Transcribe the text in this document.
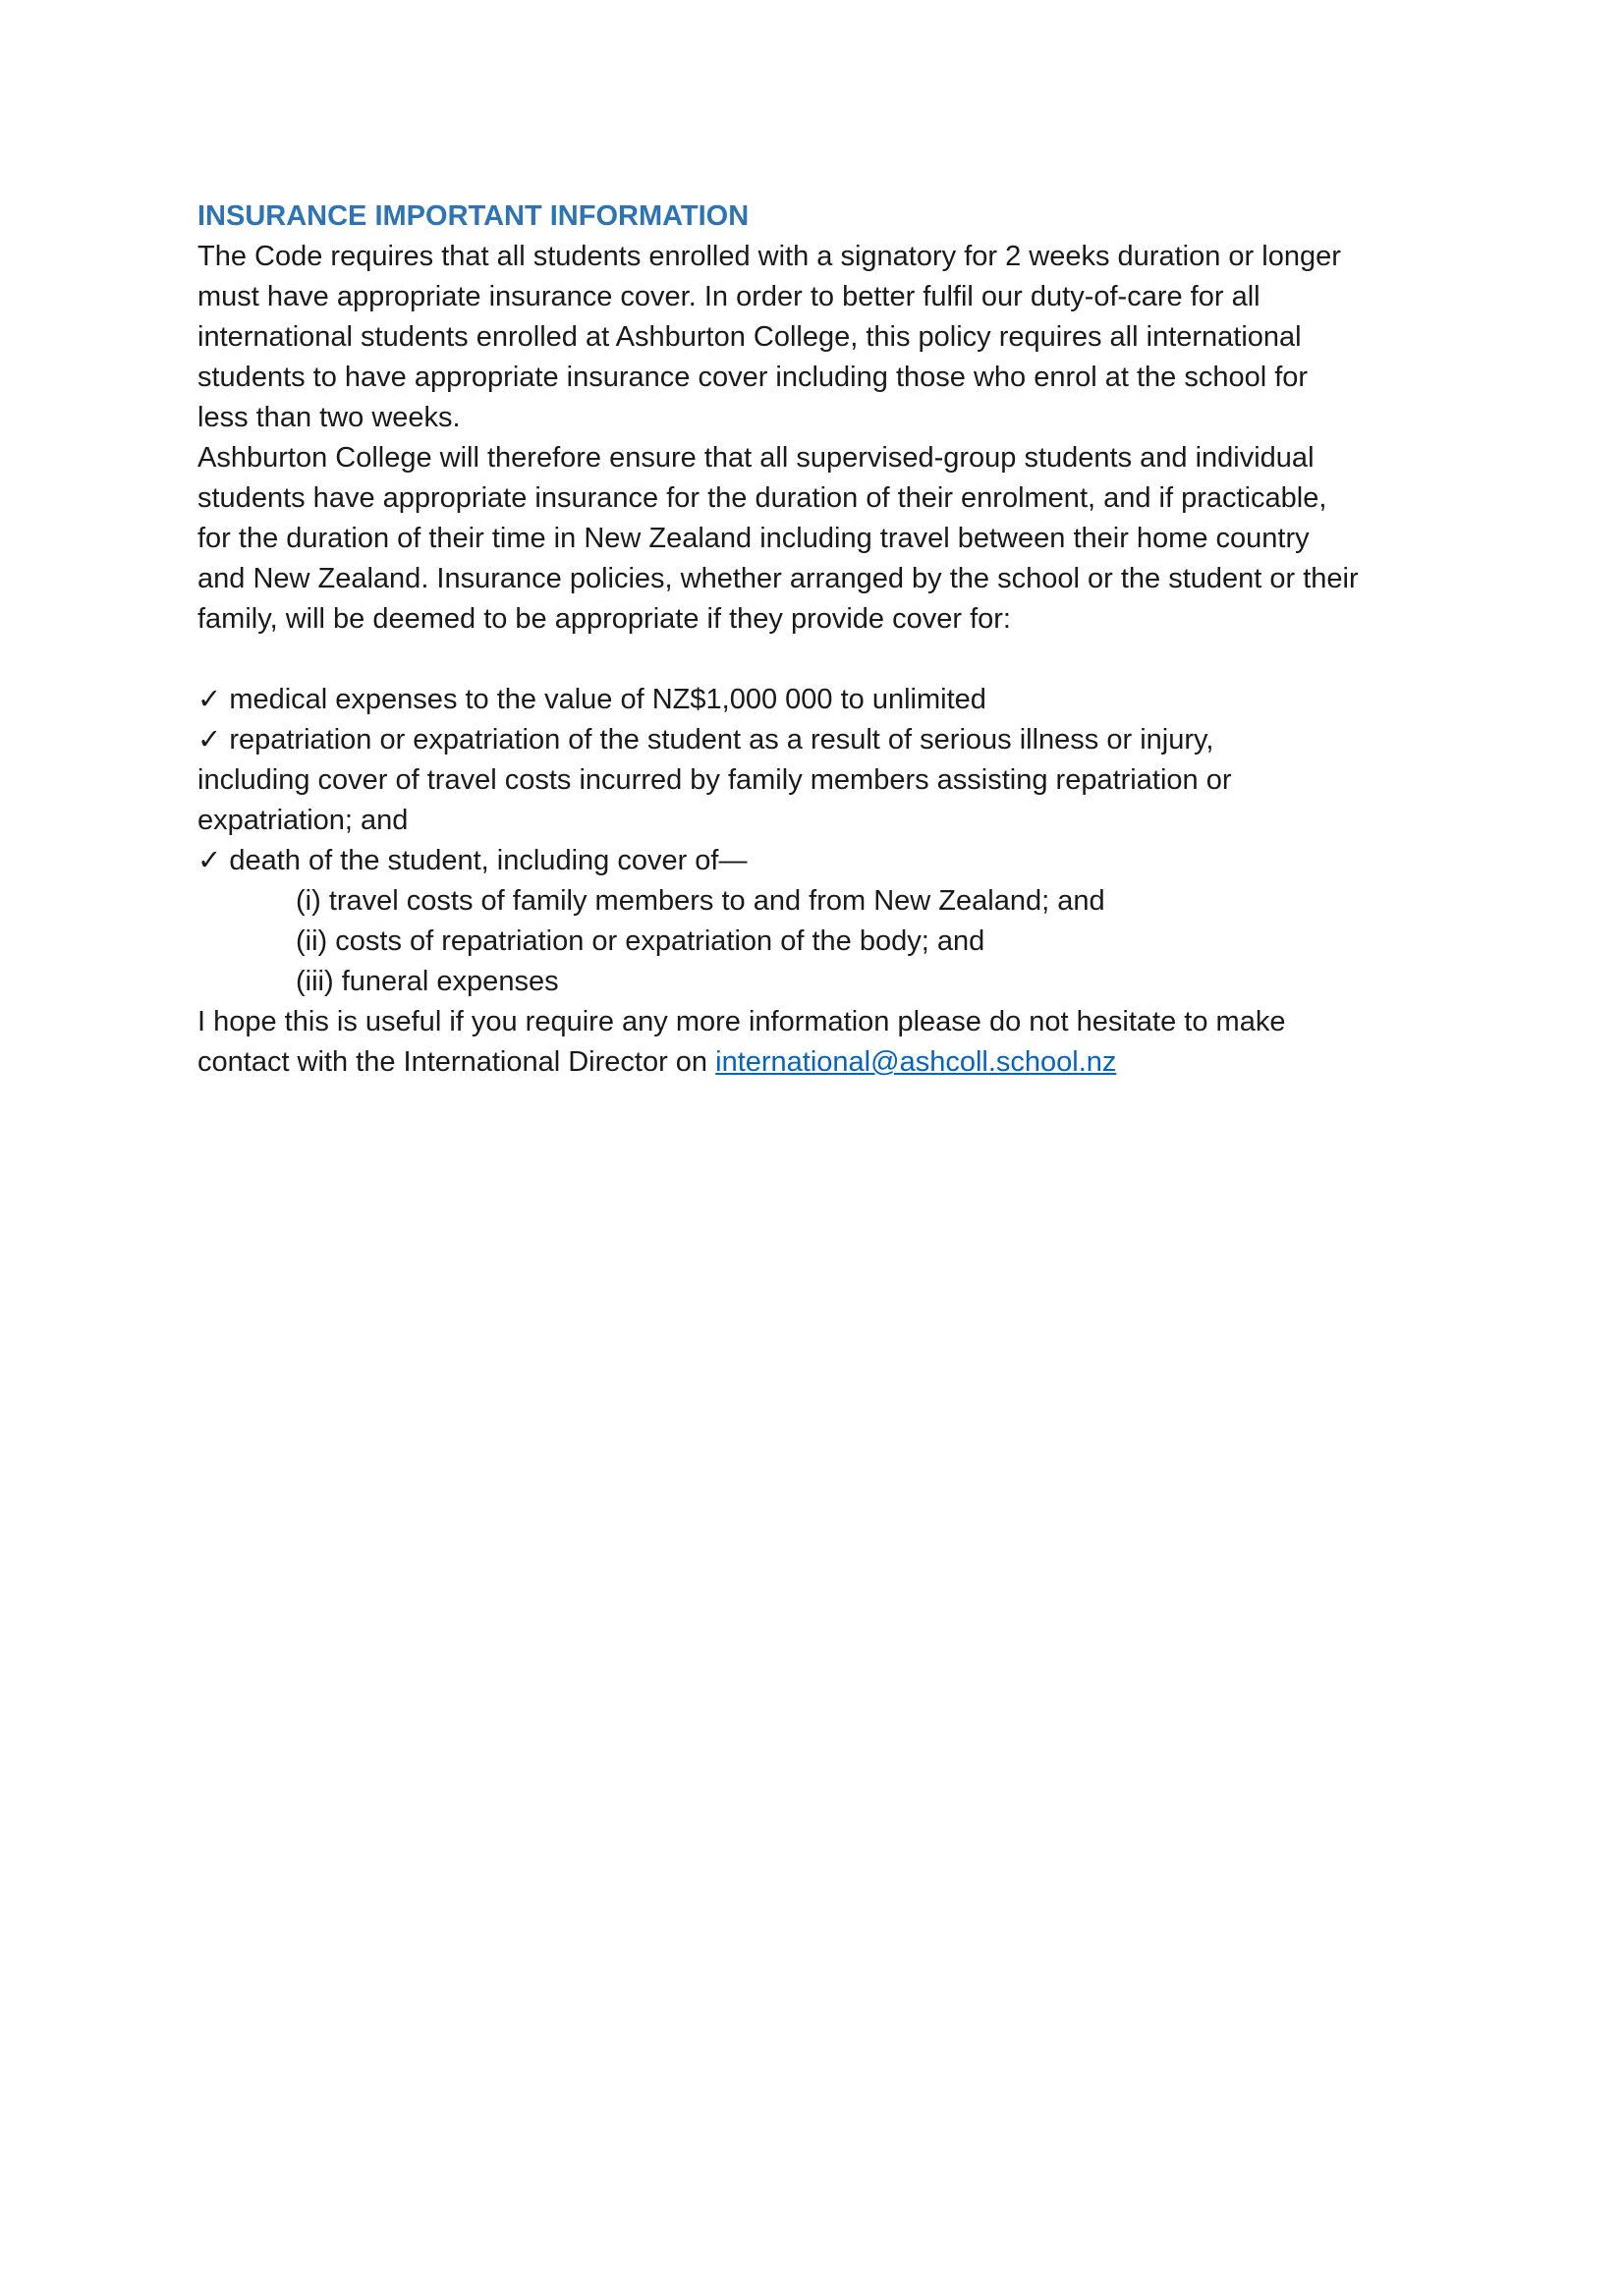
INSURANCE IMPORTANT INFORMATION

The Code requires that all students enrolled with a signatory for 2 weeks duration or longer
must have appropriate insurance cover. In order to better fulfil our duty-of-care for all
international students enrolled at Ashburton College, this policy requires all international
students to have appropriate insurance cover including those who enrol at the school for
less than two weeks.

Ashburton College will therefore ensure that all supervised-group students and individual
students have appropriate insurance for the duration of their enrolment, and if practicable,
for the duration of their time in New Zealand including travel between their home country
and New Zealand. Insurance policies, whether arranged by the school or the student or their
family, will be deemed to be appropriate if they provide cover for:

✓ medical expenses to the value of NZ$1,000 000 to unlimited

✓ repatriation or expatriation of the student as a result of serious illness or injury,
including cover of travel costs incurred by family members assisting repatriation or
expatriation; and

✓ death of the student, including cover of—

(i) travel costs of family members to and from New Zealand; and

(ii) costs of repatriation or expatriation of the body; and

(iii) funeral expenses

I hope this is useful if you require any more information please do not hesitate to make
contact with the International Director on international@ashcoll.school.nz
